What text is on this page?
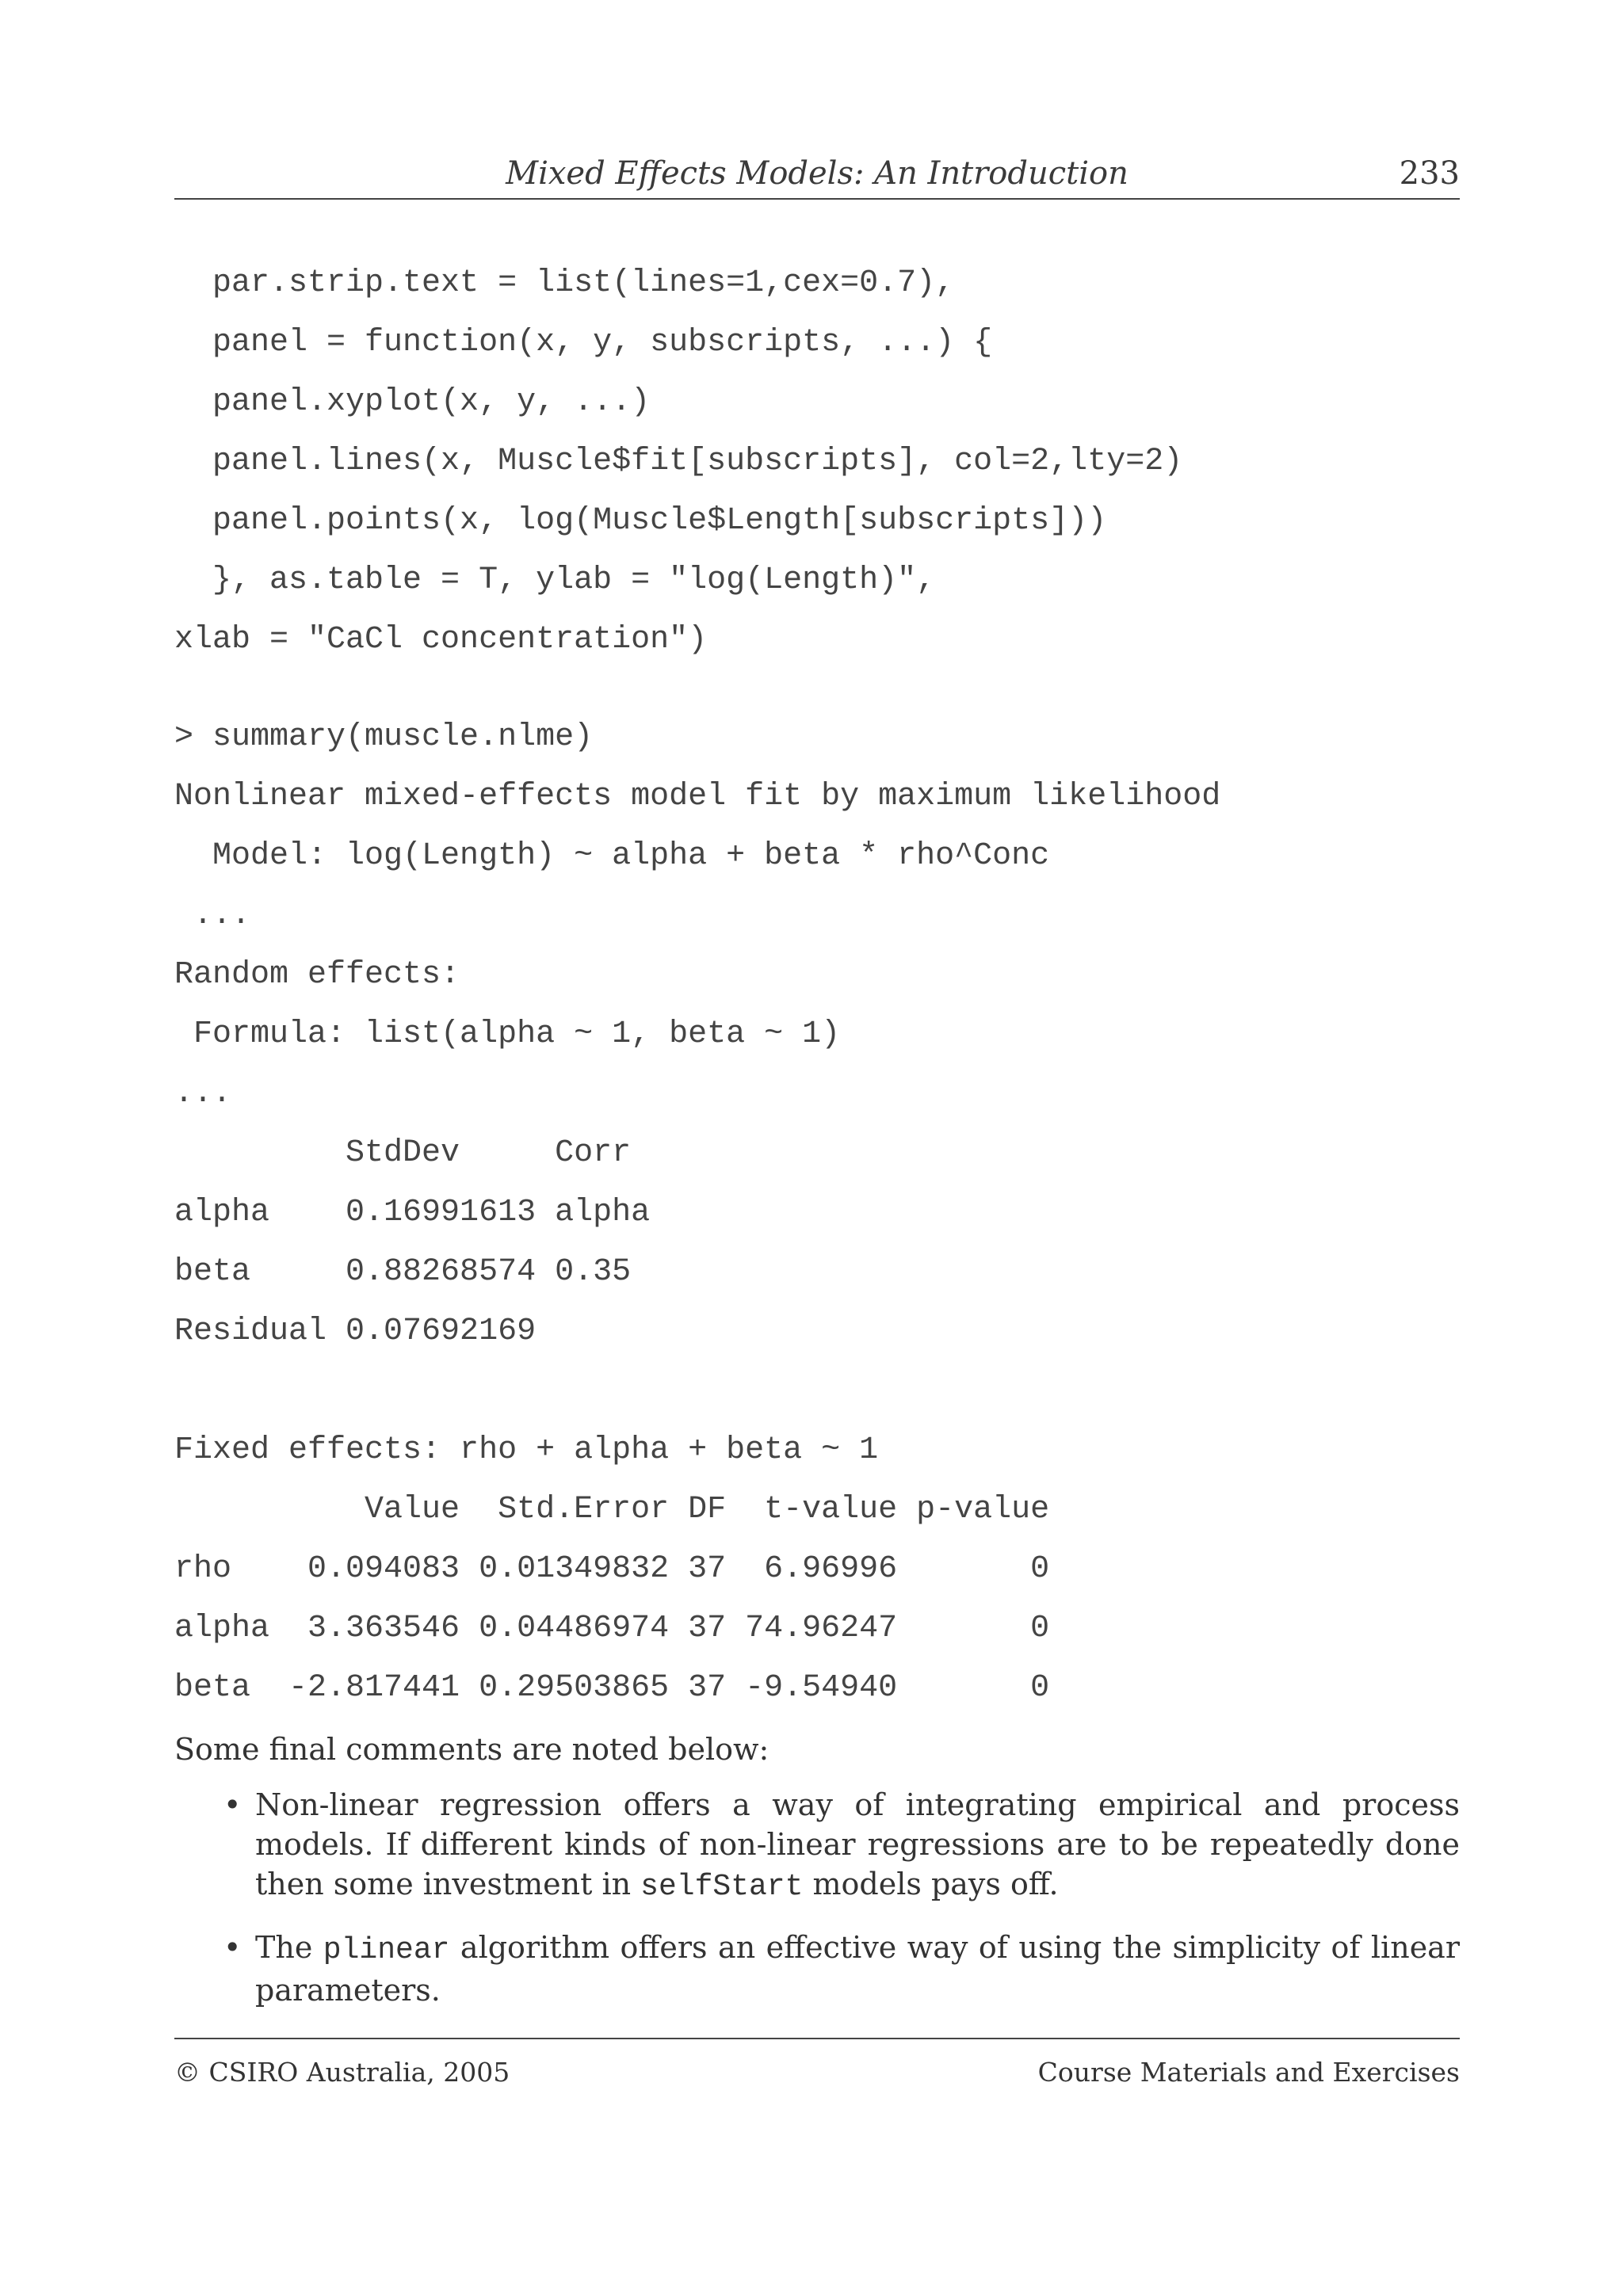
Mixed Effects Models: An Introduction	233
par.strip.text = list(lines=1,cex=0.7),
panel = function(x, y, subscripts, ...) {
panel.xyplot(x, y, ...)
panel.lines(x, Muscle$fit[subscripts], col=2,lty=2)
panel.points(x, log(Muscle$Length[subscripts]))
}, as.table = T, ylab = "log(Length)",
xlab = "CaCl concentration")

> summary(muscle.nlme)
Nonlinear mixed-effects model fit by maximum likelihood
Model: log(Length) ~ alpha + beta * rho^Conc
...
Random effects:
Formula: list(alpha ~ 1, beta ~ 1)
...
StdDev     Corr
alpha    0.16991613 alpha
beta     0.88268574 0.35
Residual 0.07692169

Fixed effects: rho + alpha + beta ~ 1
Value  Std.Error DF  t-value p-value
rho    0.094083 0.01349832 37  6.96996       0
alpha  3.363546 0.04486974 37 74.96247       0
beta  -2.817441 0.29503865 37 -9.54940       0

Some final comments are noted below:
• Non-linear regression offers a way of integrating empirical and process models. If different kinds of non-linear regressions are to be repeatedly done then some investment in selfStart models pays off.
• The plinear algorithm offers an effective way of using the simplicity of linear parameters.
© CSIRO Australia, 2005	Course Materials and Exercises
